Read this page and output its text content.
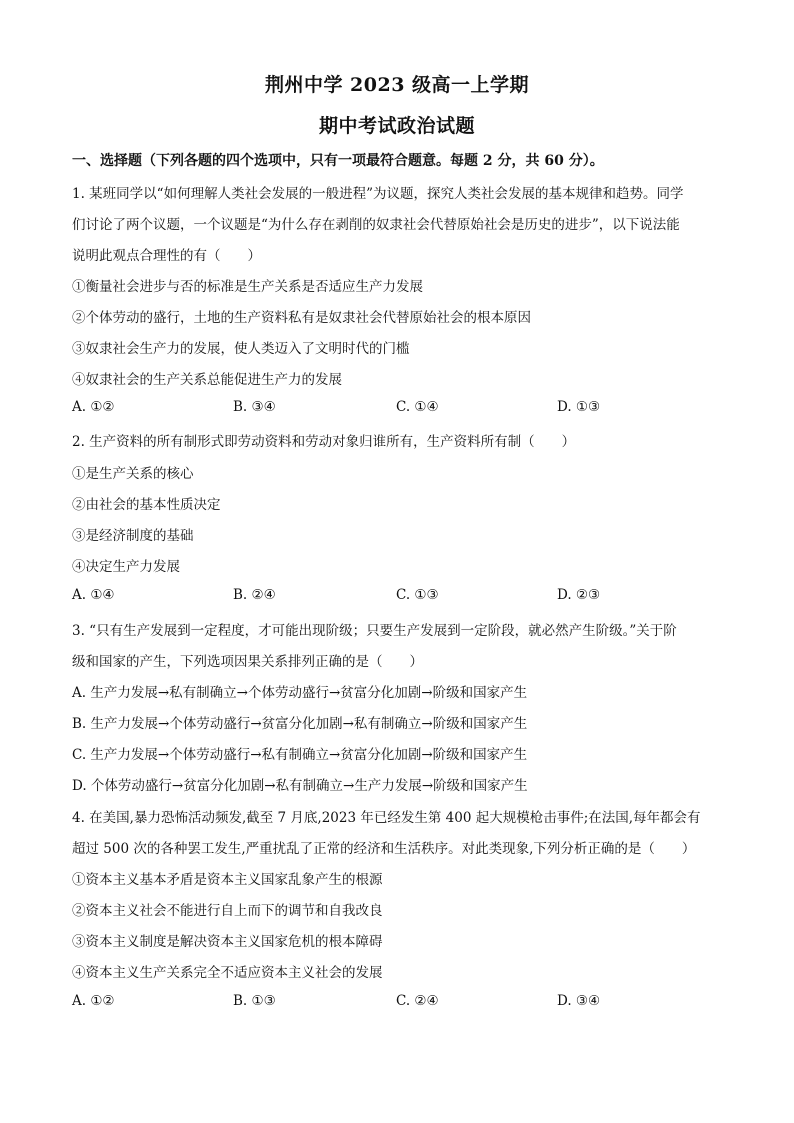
荆州中学 2023 级高一上学期
期中考试政治试题
一、选择题（下列各题的四个选项中，只有一项最符合题意。每题 2 分，共 60 分）。
1. 某班同学以“如何理解人类社会发展的一般进程”为议题，探究人类社会发展的基本规律和趋势。同学
们讨论了两个议题，一个议题是“为什么存在剥削的奴隶社会代替原始社会是历史的进步”，以下说法能
说明此观点合理性的有（　　）
①衡量社会进步与否的标准是生产关系是否适应生产力发展
②个体劳动的盛行，土地的生产资料私有是奴隶社会代替原始社会的根本原因
③奴隶社会生产力的发展，使人类迈入了文明时代的门槛
④奴隶社会的生产关系总能促进生产力的发展
A. ①②	B. ③④	C. ①④	D. ①③
2. 生产资料的所有制形式即劳动资料和劳动对象归谁所有，生产资料所有制（　　）
①是生产关系的核心
②由社会的基本性质决定
③是经济制度的基础
④决定生产力发展
A. ①④	B. ②④	C. ①③	D. ②③
3. “只有生产发展到一定程度，才可能出现阶级；只要生产发展到一定阶段，就必然产生阶级。”关于阶
级和国家的产生，下列选项因果关系排列正确的是（　　）
A. 生产力发展→私有制确立→个体劳动盛行→贫富分化加剧→阶级和国家产生
B. 生产力发展→个体劳动盛行→贫富分化加剧→私有制确立→阶级和国家产生
C. 生产力发展→个体劳动盛行→私有制确立→贫富分化加剧→阶级和国家产生
D. 个体劳动盛行→贫富分化加剧→私有制确立→生产力发展→阶级和国家产生
4. 在美国,暴力恐怖活动频发,截至 7 月底,2023 年已经发生第 400 起大规模枪击事件;在法国,每年都会有
超过 500 次的各种罢工发生,严重扰乱了正常的经济和生活秩序。对此类现象,下列分析正确的是（　　）
①资本主义基本矛盾是资本主义国家乱象产生的根源
②资本主义社会不能进行自上而下的调节和自我改良
③资本主义制度是解决资本主义国家危机的根本障碍
④资本主义生产关系完全不适应资本主义社会的发展
A. ①②	B. ①③	C. ②④	D. ③④
